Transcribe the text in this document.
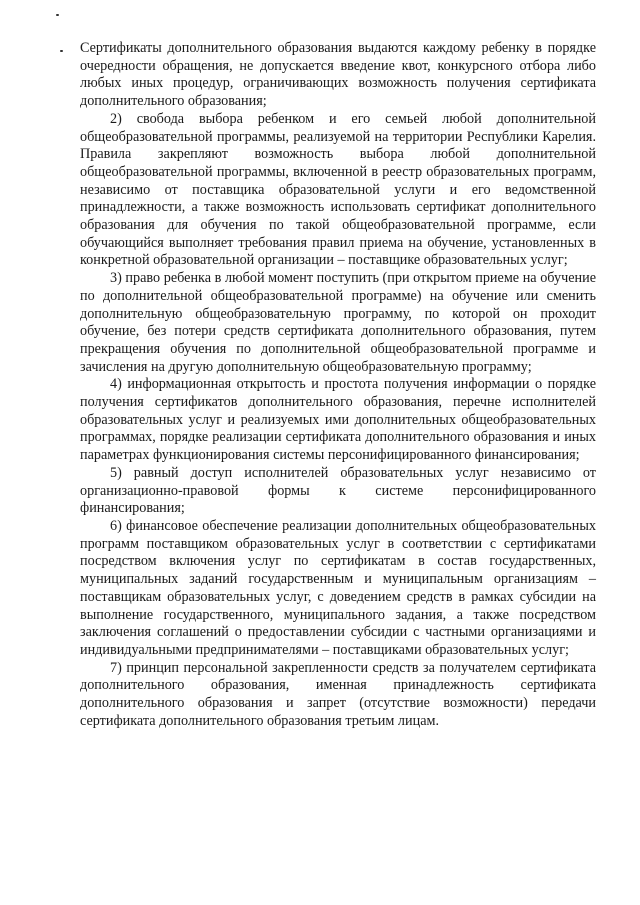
Сертификаты дополнительного образования выдаются каждому ребенку в порядке очередности обращения, не допускается введение квот, конкурсного отбора либо любых иных процедур, ограничивающих возможность получения сертификата дополнительного образования;

2) свобода выбора ребенком и его семьей любой дополнительной общеобразовательной программы, реализуемой на территории Республики Карелия. Правила закрепляют возможность выбора любой дополнительной общеобразовательной программы, включенной в реестр образовательных программ, независимо от поставщика образовательной услуги и его ведомственной принадлежности, а также возможность использовать сертификат дополнительного образования для обучения по такой общеобразовательной программе, если обучающийся выполняет требования правил приема на обучение, установленных в конкретной образовательной организации – поставщике образовательных услуг;

3) право ребенка в любой момент поступить (при открытом приеме на обучение по дополнительной общеобразовательной программе) на обучение или сменить дополнительную общеобразовательную программу, по которой он проходит обучение, без потери средств сертификата дополнительного образования, путем прекращения обучения по дополнительной общеобразовательной программе и зачисления на другую дополнительную общеобразовательную программу;

4) информационная открытость и простота получения информации о порядке получения сертификатов дополнительного образования, перечне исполнителей образовательных услуг и реализуемых ими дополнительных общеобразовательных программах, порядке реализации сертификата дополнительного образования и иных параметрах функционирования системы персонифицированного финансирования;

5) равный доступ исполнителей образовательных услуг независимо от организационно-правовой формы к системе персонифицированного финансирования;

6) финансовое обеспечение реализации дополнительных общеобразовательных программ поставщиком образовательных услуг в соответствии с сертификатами посредством включения услуг по сертификатам в состав государственных, муниципальных заданий государственным и муниципальным организациям – поставщикам образовательных услуг, с доведением средств в рамках субсидии на выполнение государственного, муниципального задания, а также посредством заключения соглашений о предоставлении субсидии с частными организациями и индивидуальными предпринимателями – поставщиками образовательных услуг;

7) принцип персональной закрепленности средств за получателем сертификата дополнительного образования, именная принадлежность сертификата дополнительного образования и запрет (отсутствие возможности) передачи сертификата дополнительного образования третьим лицам.
